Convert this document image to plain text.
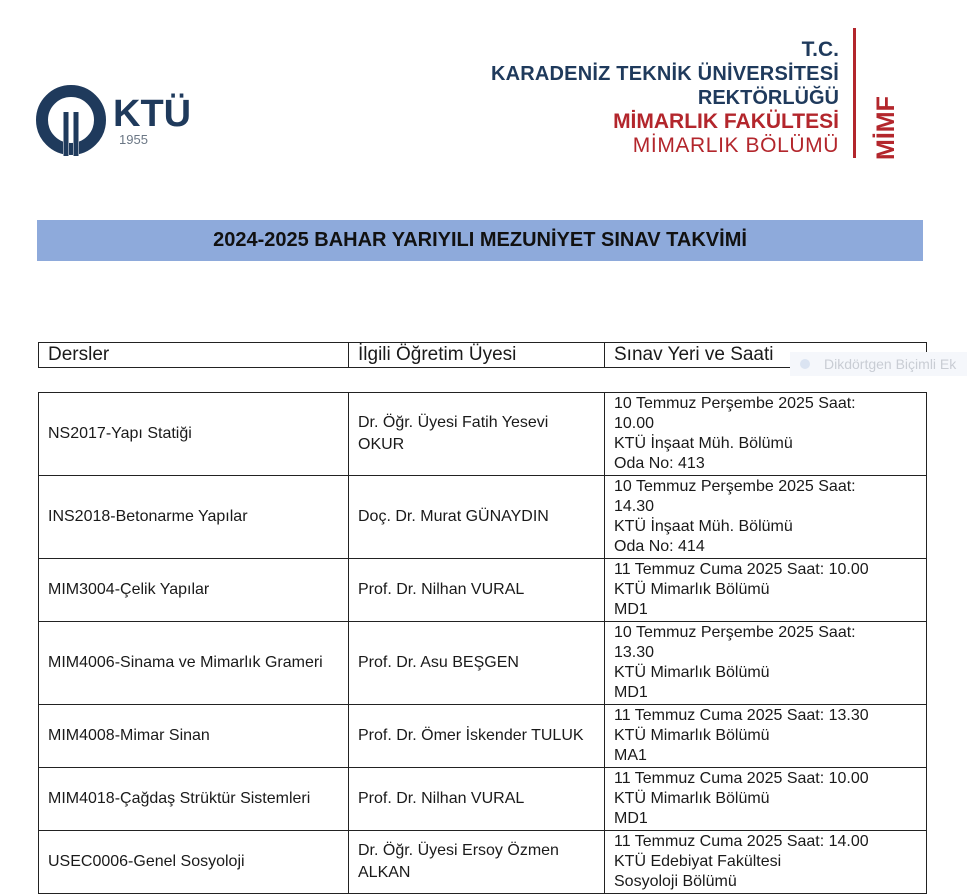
KTÜ
1955
T.C.
KARADENİZ TEKNİK ÜNİVERSİTESİ
REKTÖRLÜĞÜ
MİMARLIK FAKÜLTESİ
MİMARLIK BÖLÜMÜ MİMF
2024-2025 BAHAR YARIYILI MEZUNİYET SINAV TAKVİMİ
Dersler	İlgili Öğretim Üyesi	Sınav Yeri ve Saati	Dikdörtgen Biçimli Ek
NS2017-Yapı Statiği	Dr. Öğr. Üyesi Fatih Yesevi OKUR	10 Temmuz Perşembe 2025 Saat:
10.00
KTÜ İnşaat Müh. Bölümü
Oda No: 413

INS2018-Betonarme Yapılar	Doç. Dr. Murat GÜNAYDIN	10 Temmuz Perşembe 2025 Saat:
14.30
KTÜ İnşaat Müh. Bölümü
Oda No: 414

MIM3004-Çelik Yapılar	Prof. Dr. Nilhan VURAL	11 Temmuz Cuma 2025 Saat: 10.00
KTÜ Mimarlık Bölümü
MD1

MIM4006-Sinama ve Mimarlık Grameri	Prof. Dr. Asu BEŞGEN	10 Temmuz Perşembe 2025 Saat:
13.30
KTÜ Mimarlık Bölümü
MD1

MIM4008-Mimar Sinan	Prof. Dr. Ömer İskender TULUK	11 Temmuz Cuma 2025 Saat: 13.30
KTÜ Mimarlık Bölümü
MA1

MIM4018-Çağdaş Strüktür Sistemleri	Prof. Dr. Nilhan VURAL	11 Temmuz Cuma 2025 Saat: 10.00
KTÜ Mimarlık Bölümü
MD1

USEC0006-Genel Sosyoloji	Dr. Öğr. Üyesi Ersoy Özmen ALKAN	11 Temmuz Cuma 2025 Saat: 14.00
KTÜ Edebiyat Fakültesi
Sosyoloji Bölümü
